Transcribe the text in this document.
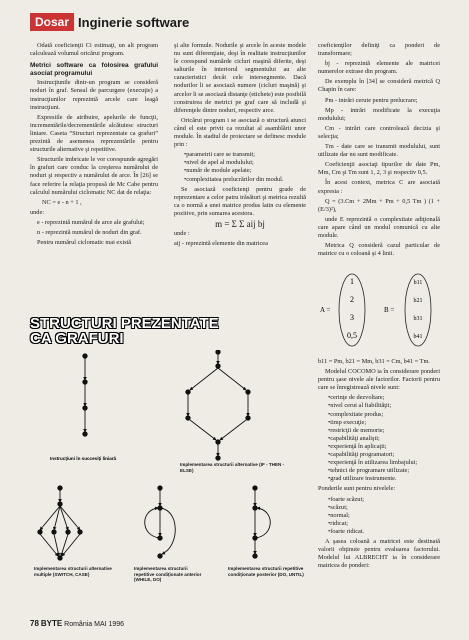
Dosar Inginerie software

Odată coeficienţii Ci estimaţi, un alt program calculează volumul oricărui program.

Metrici software ca folosirea grafului asociat programului

Instrucţiunile dintr-un program se consideră noduri în graf. Sensul de parcurgere (execuţie) a instrucţiunilor reprezintă arcele care leagă instrucţiuni.

Expresiile de atribuire, apelurile de funcţii, incrementările/decrementările alcătuiesc structuri liniare. Caseta “Structuri reprezentate ca grafuri” prezintă de asemenea reprezentările pentru structurile alternative şi repetitive.

Structurile imbricate le vor corespunde agregări în grafuri care conduc la creşterea numărului de noduri şi respectiv a numărului de arce. În [26] se face referire la relaţia propusă de Mc Cabe pentru calculul numărului ciclomatic NC dat de relaţia:

NC = e - n + 1 ,

unde:

e - reprezintă numărul de arce ale grafului;

n - reprezintă numărul de noduri din graf.

Pentru numărul ciclomatic mai există

şi alte formule. Nodurile şi arcele în aceste modele nu sunt diferenţiate, deşi în realitate instrucţiunilor le corespund numărde cicluri maşină diferite, deşi salturile în interiorul segmentului au alte caracteristici decât cele intersegmente. Dacă nodurilor li se asociază numere (cicluri maşină) şi arcelor li se asociază distanţe (etichete) este posibilă construirea de metrici pe graf care să includă şi diferenţele dintre noduri, respectiv arce.

Oricărui program i se asociază o structură atunci când el este privit ca rezultat al asamblării unor module. În stadiul de proiectare se definesc module prin :

• parametrii care se transmit;
• nivel de apel al modulului;
• număr de module apelate;
• complexitatea prelucrărilor din modul.

Se asociază coeficienţi pentru grade de reprezentare a celor patru trăsături şi metrica rezultă ca o normă a unei matrice produs latin cu elemente pozitive, prin sumarea acestora.

m = Σ Σ aij bj

unde :

aij - reprezintă elemente din matricea

coeficienţilor definiţi ca ponderi de transformare;

bj - reprezintă elemente ale matricei numerelor extrase din program.

De exemplu în [34] se consideră metrică Q Chapin în care:

Pm - intrări cerute pentru prelucrare;

Mp - intrări modificate la execuţia modulului;

Cm - intrări care controlează decizia şi selecţia;

Tm - date care se transmit modulului, sunt utilizate dar nu sunt modificate.

Coeficienţii asociaţi tipurilor de date Pm, Mm, Cm şi Tm sunt 1, 2, 3 şi respectiv 0,5.

În acest context, metrica C are asociată expresia :

Q = (3.Cm + 2Mm + Pm + 0,5 Tm ) (1 + (E/3)²),

unde E reprezintă o complexitate adiţională care apare când un modul comunică cu alte module.

Metrica Q consideră cazul particular de matrice cu o coloană şi 4 linii.

A =
1
2
3
0,5
B =
b11
b21
b31
b41

b11 = Pm, b21 = Mm, b31 = Cm, b41 = Tm.

Modelul COCOMO ia în considerare ponderi pentru şase nivele ale factorilor. Factorii pentru care se înregistrează nivele sunt:

• cerinţe de dezvoltare;
• nivel cerut al fiabilităţii;
• complexitate produs;
• timp execuţie;
• restricţii de memorie;
• capabilităţi analişti;
• experienţă în aplicaţii;
• capabilităţi programatori;
• experienţă în utilizarea limbajului;
• tehnici de programare utilizate;
• grad utilizare instrumente.

Ponderile sunt pentru nivelele:

• foarte scăzut;
• scăzut;
• normal;
• ridicat;
• foarte ridicat.

A şasea coloană a matricei este destinată valorii obţinute pentru evaluarea factorului. Modelul lui ALBRECHT ia în considerare matricea de ponderi:

STRUCTURI PREZENTATE
CA GRAFURI
Instrucţiuni în succesiţi liniară
Implementarea structurii alternative (IF - THEN - ELSE)
Implementarea structurii alternative multiple (SWITCH, CASE)
Implementarea structurii repetitive condiţionate anterior (WHILE, DO)
Implementarea structurii repetitive condiţionate posterior (DO, UNTIL)
78 BYTE România MAI 1996
